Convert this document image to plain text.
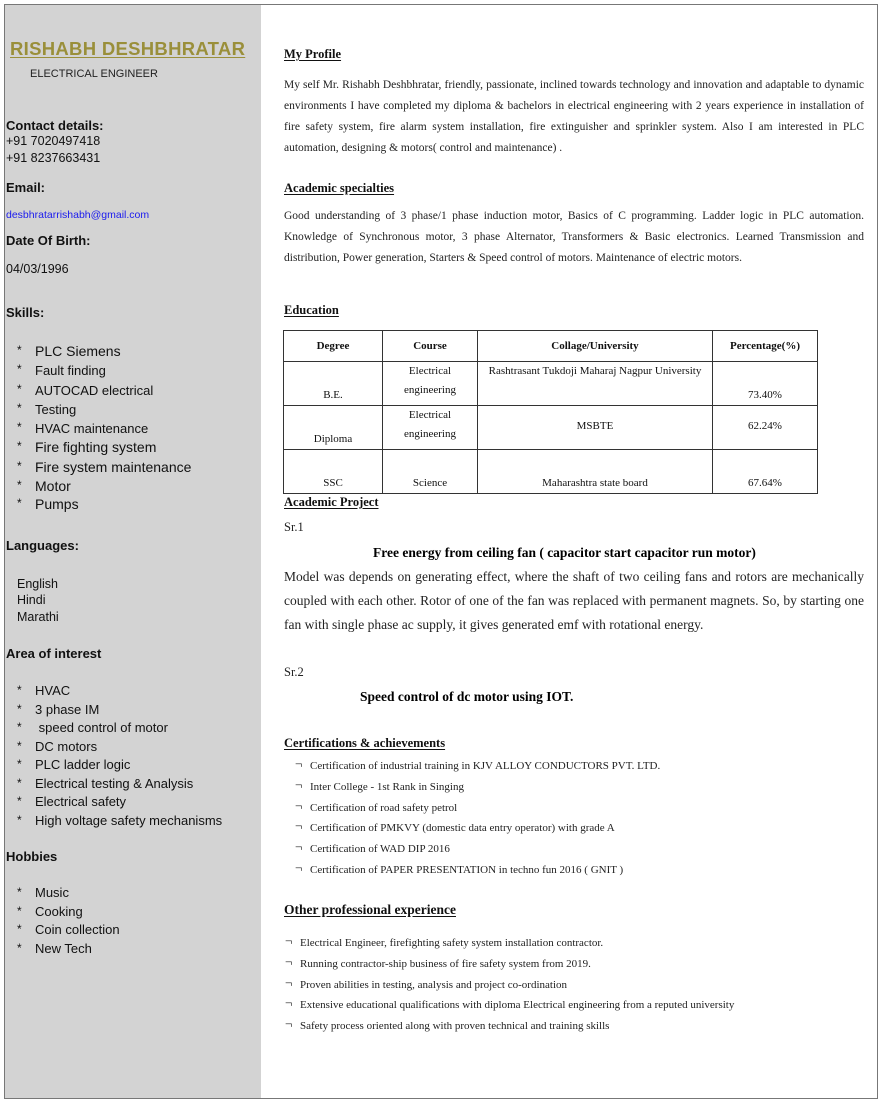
RISHABH DESHBHRATAR
ELECTRICAL ENGINEER
Contact details:
+91 7020497418
+91 8237663431
Email:
desbhratarrishabh@gmail.com
Date Of Birth:
04/03/1996
Skills:
* PLC Siemens
* Fault finding
* AUTOCAD electrical
* Testing
* HVAC maintenance
* Fire fighting system
* Fire system maintenance
* Motor
* Pumps
Languages:
English
Hindi
Marathi
Area of interest
* HVAC
* 3 phase IM
*  speed control of motor
* DC motors
* PLC ladder logic
* Electrical testing & Analysis
* Electrical safety
* High voltage safety mechanisms
Hobbies
* Music
* Cooking
* Coin collection
* New Tech
My Profile
My self Mr. Rishabh Deshbhratar, friendly, passionate, inclined towards technology and innovation and adaptable to dynamic environments I have completed my diploma & bachelors in electrical engineering with 2 years experience in installation of fire safety system, fire alarm system installation, fire extinguisher and sprinkler system. Also I am interested in PLC automation, designing & motors( control and maintenance) .
Academic specialties
Good understanding of 3 phase/1 phase induction motor, Basics of C programming. Ladder logic in PLC automation. Knowledge of Synchronous motor, 3 phase Alternator, Transformers & Basic electronics. Learned Transmission and distribution, Power generation, Starters & Speed control of motors. Maintenance of electric motors.
Education
Degree	Course	Collage/University	Percentage(%)
B.E.	Electrical engineering	Rashtrasant Tukdoji Maharaj Nagpur University	73.40%
Diploma	Electrical engineering	MSBTE	62.24%
SSC	Science	Maharashtra state board	67.64%
Academic Project
Sr.1
Free energy from ceiling fan ( capacitor start capacitor run motor)
Model was depends on generating effect, where the shaft of two ceiling fans and rotors are mechanically coupled with each other. Rotor of one of the fan was replaced with permanent magnets. So, by starting one fan with single phase ac supply, it gives generated emf with rotational energy.
Sr.2
Speed control of dc motor using IOT.
Certifications & achievements
¬ Certification of industrial training in KJV ALLOY CONDUCTORS PVT. LTD.
¬ Inter College - 1st Rank in Singing
¬ Certification of road safety petrol
¬ Certification of PMKVY (domestic data entry operator) with grade A
¬ Certification of WAD DIP 2016
¬ Certification of PAPER PRESENTATION in techno fun 2016 ( GNIT )
Other professional experience
¬ Electrical Engineer, firefighting safety system installation contractor.
¬ Running contractor-ship business of fire safety system from 2019.
¬ Proven abilities in testing, analysis and project co-ordination
¬ Extensive educational qualifications with diploma Electrical engineering from a reputed university
¬ Safety process oriented along with proven technical and training skills
